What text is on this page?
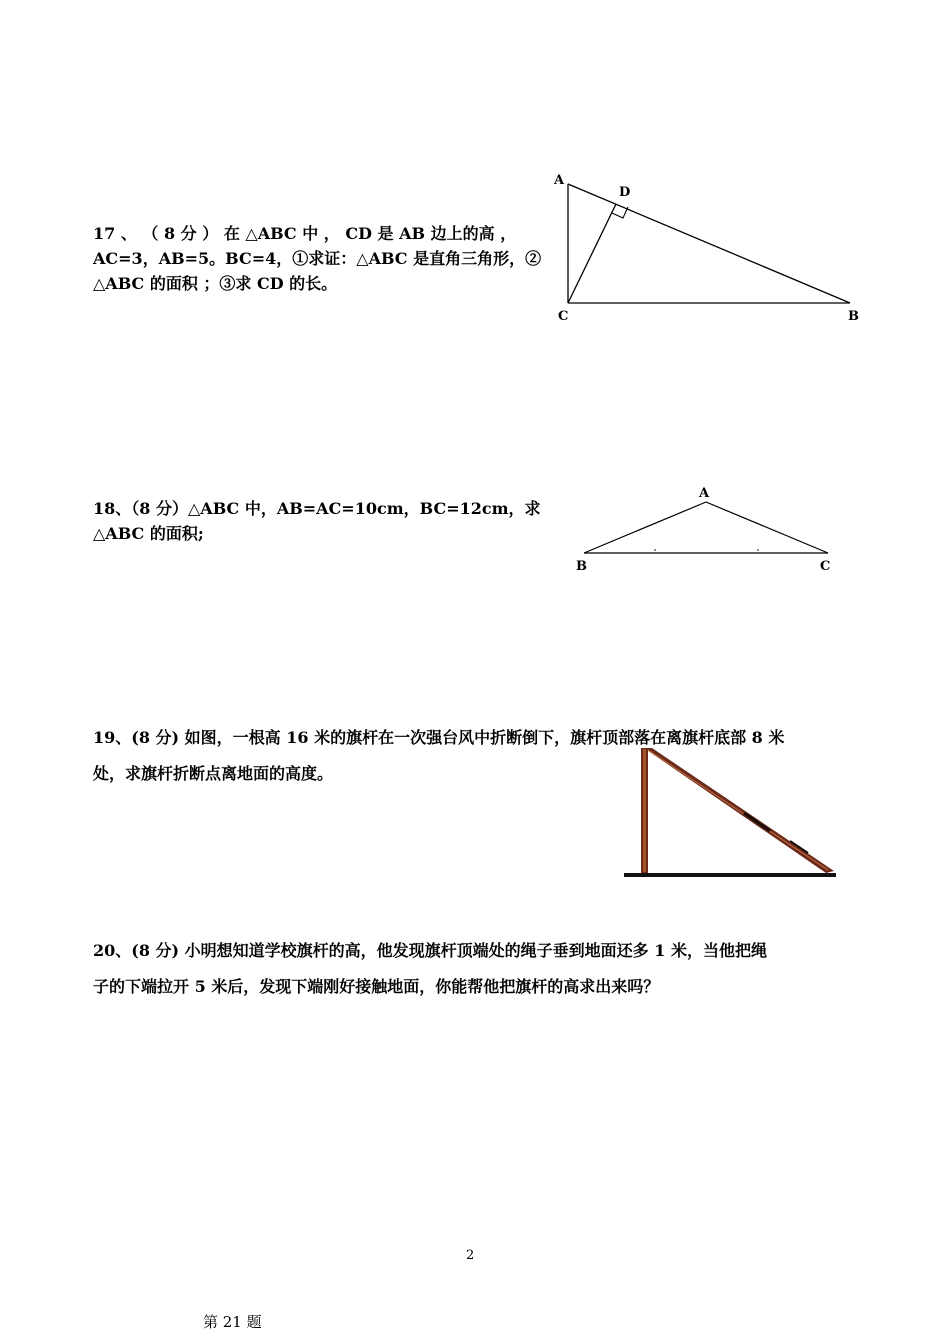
17 、 （ 8 分 ） 在 △ABC 中 ， CD 是 AB 边上的高 ，
AC=3，AB=5。BC=4，①求证：△ABC 是直角三角形，②
△ABC 的面积 ；③求 CD 的长。
A
D
C	B
18、（8 分）△ABC 中，AB=AC=10cm，BC=12cm，求
△ABC 的面积;
A
B	C
19、(8 分) 如图，一根高 16 米的旗杆在一次强台风中折断倒下，旗杆顶部落在离旗杆底部 8 米
处，求旗杆折断点离地面的高度。
20、(8 分) 小明想知道学校旗杆的高，他发现旗杆顶端处的绳子垂到地面还多 1 米，当他把绳
子的下端拉开 5 米后，发现下端刚好接触地面，你能帮他把旗杆的高求出来吗？
2
第 21 题
